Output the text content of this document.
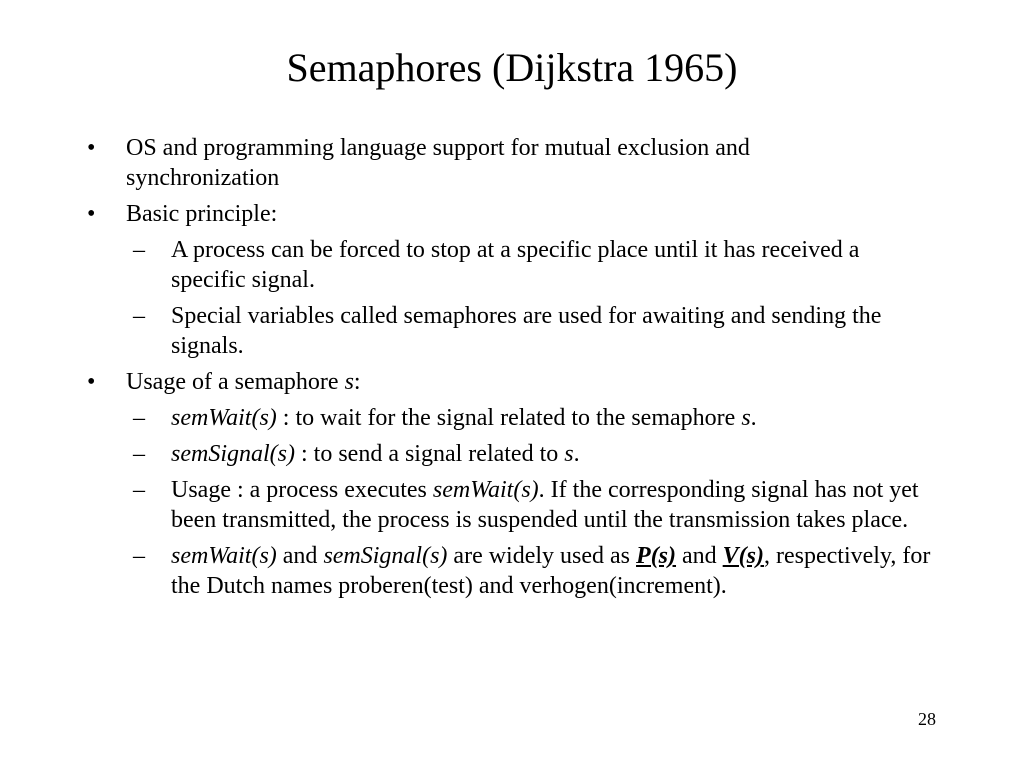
Semaphores (Dijkstra 1965)
• OS and programming language support for mutual exclusion and synchronization
• Basic principle:
– A process can be forced to stop at a specific place until it has received a specific signal.
– Special variables called semaphores are used for awaiting and sending the signals.
• Usage of a semaphore s:
– semWait(s) : to wait for the signal related to the semaphore s.
– semSignal(s) : to send a signal related to s.
– Usage : a process executes semWait(s). If the corresponding signal has not yet been transmitted, the process is suspended until the transmission takes place.
– semWait(s) and semSignal(s) are widely used as P(s) and V(s), respectively, for the Dutch names proberen(test) and verhogen(increment).
28
